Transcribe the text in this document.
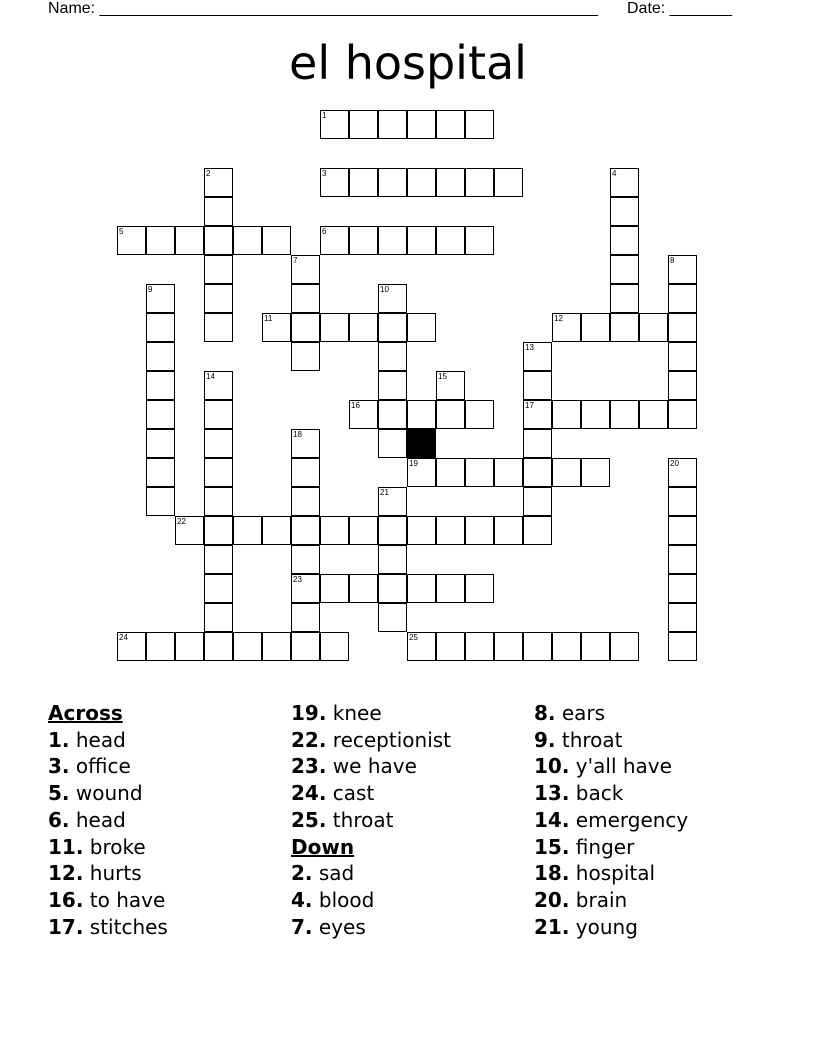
Name: ________________________________________________________ Date: _______
el hospital
1
3
5	6
11	12
16	17
19
22
23
24	25
2	4
7	8
9	10
13
14	15
18
20
21
Across
1. head
3. office
5. wound
6. head
11. broke
12. hurts
16. to have
17. stitches
19. knee
22. receptionist
23. we have
24. cast
25. throat
Down
2. sad
4. blood
7. eyes
8. ears
9. throat
10. y'all have
13. back
14. emergency
15. finger
18. hospital
20. brain
21. young
